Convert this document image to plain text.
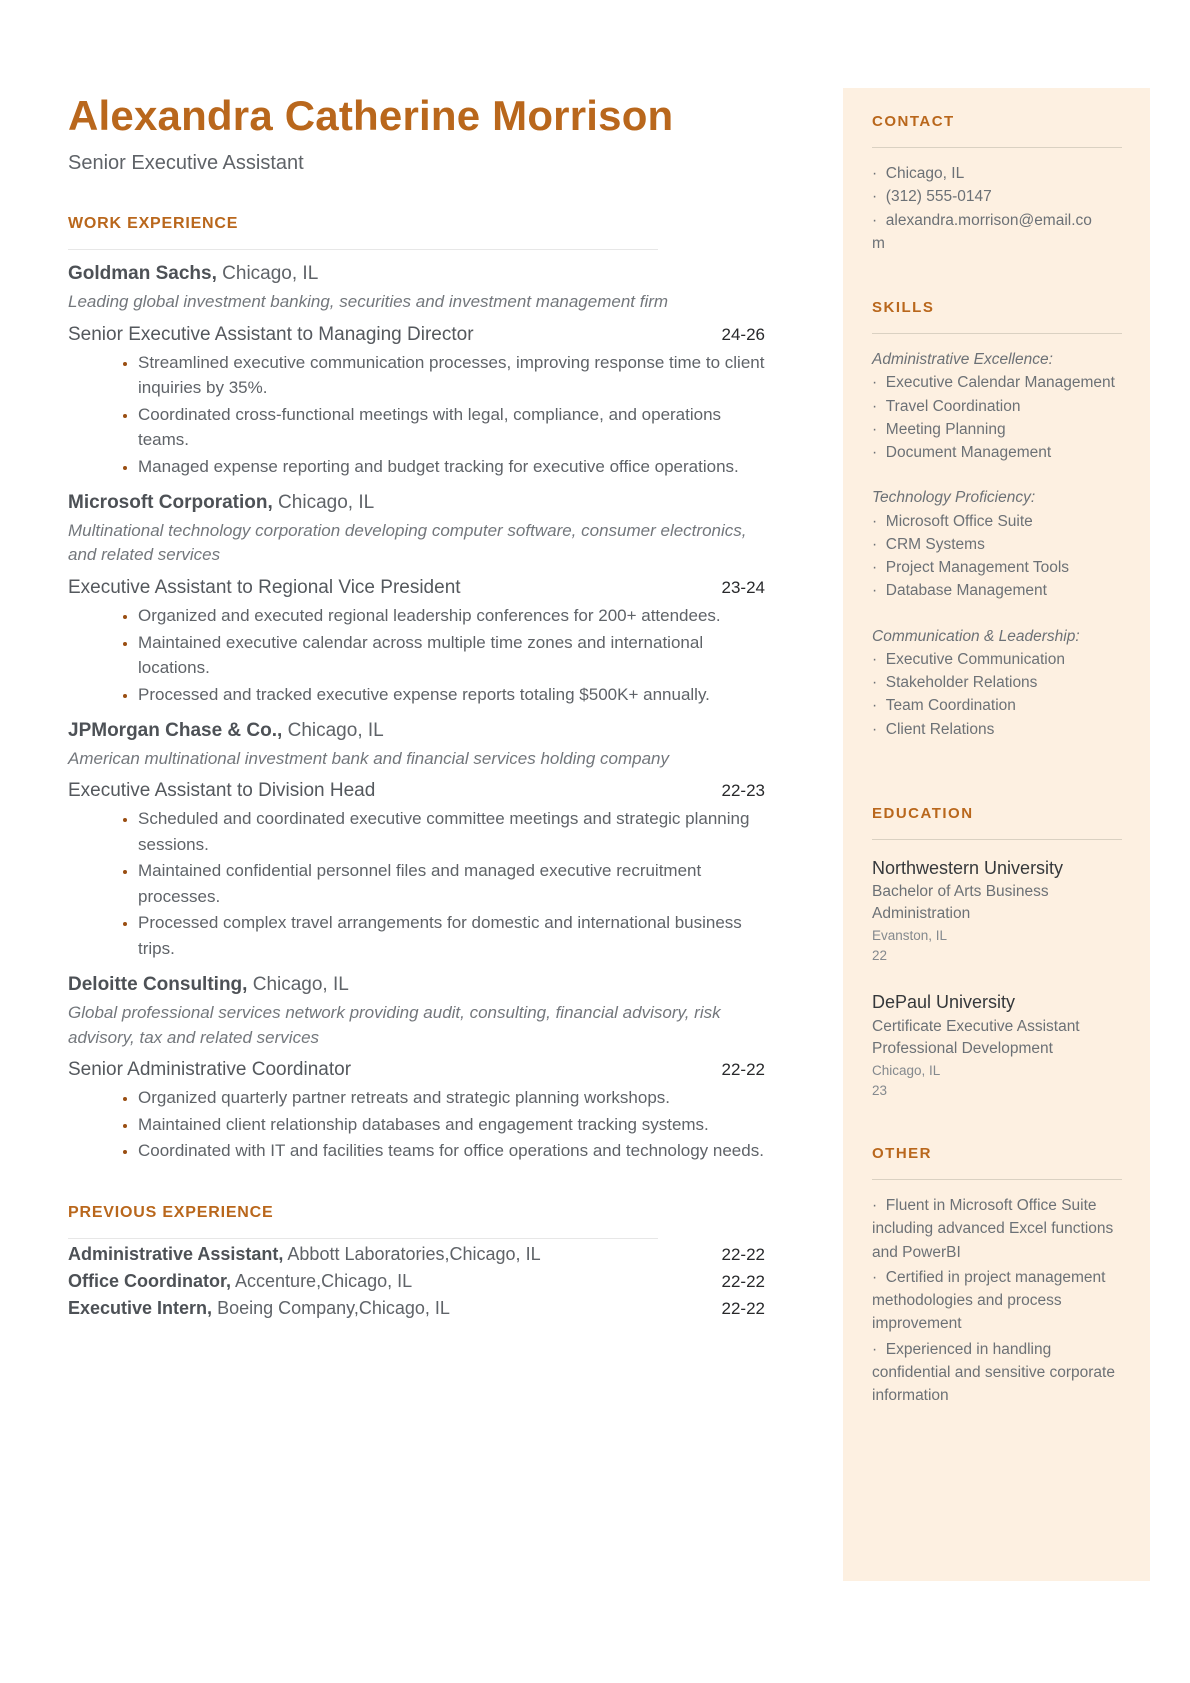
Alexandra Catherine Morrison
Senior Executive Assistant
WORK EXPERIENCE
Goldman Sachs, Chicago, IL
Leading global investment banking, securities and investment management firm
Senior Executive Assistant to Managing Director	24-26
• Streamlined executive communication processes, improving response time to client inquiries by 35%.
• Coordinated cross-functional meetings with legal, compliance, and operations teams.
• Managed expense reporting and budget tracking for executive office operations.
Microsoft Corporation, Chicago, IL
Multinational technology corporation developing computer software, consumer electronics, and related services
Executive Assistant to Regional Vice President	23-24
• Organized and executed regional leadership conferences for 200+ attendees.
• Maintained executive calendar across multiple time zones and international locations.
• Processed and tracked executive expense reports totaling $500K+ annually.
JPMorgan Chase & Co., Chicago, IL
American multinational investment bank and financial services holding company
Executive Assistant to Division Head	22-23
• Scheduled and coordinated executive committee meetings and strategic planning sessions.
• Maintained confidential personnel files and managed executive recruitment processes.
• Processed complex travel arrangements for domestic and international business trips.
Deloitte Consulting, Chicago, IL
Global professional services network providing audit, consulting, financial advisory, risk advisory, tax and related services
Senior Administrative Coordinator	22-22
• Organized quarterly partner retreats and strategic planning workshops.
• Maintained client relationship databases and engagement tracking systems.
• Coordinated with IT and facilities teams for office operations and technology needs.
PREVIOUS EXPERIENCE
Administrative Assistant, Abbott Laboratories,Chicago, IL	22-22
Office Coordinator, Accenture,Chicago, IL	22-22
Executive Intern, Boeing Company,Chicago, IL	22-22
CONTACT
·  Chicago, IL
·  (312) 555-0147
·  alexandra.morrison@email.com
SKILLS
Administrative Excellence:
·  Executive Calendar Management
·  Travel Coordination
·  Meeting Planning
·  Document Management
Technology Proficiency:
·  Microsoft Office Suite
·  CRM Systems
·  Project Management Tools
·  Database Management
Communication & Leadership:
·  Executive Communication
·  Stakeholder Relations
·  Team Coordination
·  Client Relations
EDUCATION
Northwestern University
Bachelor of Arts Business Administration
Evanston, IL
22
DePaul University
Certificate Executive Assistant Professional Development
Chicago, IL
23
OTHER
·  Fluent in Microsoft Office Suite including advanced Excel functions and PowerBI
·  Certified in project management methodologies and process improvement
·  Experienced in handling confidential and sensitive corporate information
